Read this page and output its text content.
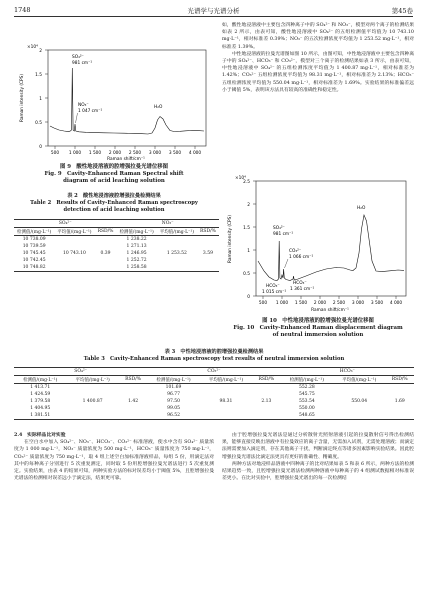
1748	光谱学与光谱分析	第45卷
×10⁴
0
0.5
1
1.5
2
500 1 000 1 500 2 000 2 500 3 000 3 500 4 000
Raman shift/cm⁻¹
Raman intensity (CPS)
SO₄²⁻
981 cm⁻¹
NO₃⁻
1 047 cm⁻¹
H₂O
图 9　酸性地浸溶液的腔增强拉曼光谱位移图
Fig. 9　Cavity-Enhanced Raman Spectral shift
diagram of acid leaching solution
表 2　酸性地浸溶液腔增强拉曼检测结果
Table 2　Results of Cavity-Enhanced Raman spectroscopy
detection of acid leaching solution
SO₄²⁻			NO₃⁻		
检测值/(mg·L⁻¹)	平均值/(mg·L⁻¹)	RSD/%	检测值/(mg·L⁻¹)	平均值/(mg·L⁻¹)	RSD/%
10 738.09			1 238.22		
10 739.59			1 271.13		
10 745.45	10 743.10	0.39	1 246.95	1 253.52	3.59
10 742.45			1 252.72		
10 748.82			1 258.58		

如，酸性地浸溶液中主要包含四种离子中的 SO₄²⁻ 和 NO₃⁻，模型对两个离子的检测结果如表 2 所示，由表可知，酸性地浸溶液中 SO₄²⁻ 的五组检测值平均值为 10 743.10 mg·L⁻¹，相对标准差 0.39%；NO₃⁻ 的五次检测浓度平均值为 1 253.52 mg·L⁻¹，相对标准差 1.39%。

中性地浸溶液的拉曼光谱图如图 10 所示，由图可知，中性地浸溶液中主要包含四种离子中的 SO₄²⁻、HCO₃⁻ 和 CO₃²⁻，模型对三个离子的检测结果如表 3 所示，由表可知，中性地浸溶液中 SO₄²⁻ 的五组检测浓度平均值为 1 400.87 mg·L⁻¹，相对标准差为 1.42%；CO₃²⁻ 五组检测浓度平均值为 98.31 mg·L⁻¹，相对标准差为 2.13%；HCO₃⁻ 五组检测浓度平均值为 550.04 mg·L⁻¹，相对标准差为 1.69%。实验结果的标准偏差远小于阈值 5%，表明该方法具有较高的准确性和稳定性。

×10⁴
0
0.5
1
1.5
2
2.5
500 1 000 1 500 2 000 2 500 3 000 3 500 4 000
Raman shift/cm⁻¹
Raman intensity (CPS)	SO₄²⁻
981 cm⁻¹
CO₃²⁻
1 066 cm⁻¹
HCO₃⁻
1 015 cm⁻¹
HCO₃⁻
1 361 cm⁻¹
H₂O
图 10　中性地浸溶液的腔增强拉曼光谱位移图
Fig. 10　Cavity-Enhanced Raman displacement diagram
of neutral immersion solution
表 3　中性地浸溶液的腔增强拉曼检测结果
Table 3　Cavity-Enhanced Raman spectroscopy test results of neutral immersion solution
SO₄²⁻			CO₃²⁻			HCO₃⁻		
检测值/(mg·L⁻¹)	平均值/(mg·L⁻¹)	RSD/%	检测值/(mg·L⁻¹)	平均值/(mg·L⁻¹)	RSD/%	检测值/(mg·L⁻¹)	平均值/(mg·L⁻¹)	RSD/%
1 413.71			101.69			552.28		
1 424.59			96.77			545.75		
1 379.58	1 400.87	1.42	97.50	98.31	2.13	553.54	550.04	1.69
1 404.95			99.05			550.00		
1 381.51			96.52			548.65		

2.4　实际样品比对实验

在空白水中加入 SO₄²⁻、NO₃⁻、HCO₃⁻、CO₃²⁻ 标准溶液，使水中含有 SO₄²⁻ 质量浓度为 1 000 mg·L⁻¹，NO₃⁻ 质量浓度为 500 mg·L⁻¹，HCO₃⁻ 质量浓度为 750 mg·L⁻¹，CO₃²⁻ 质量浓度为 750 mg·L⁻¹，取 4 组上述空白加标准溶液样品，每组 5 份，用滴定法对其中的每种离子分别进行 5 次重复测定，同时取 5 份用腔增强拉曼光谱法进行 5 次重复测定。实验结果，由表 4 的结果可知，两种实验方法的标对误差均小于阈值 5%，且腔增强拉曼光谱法的检测相对误差远小于滴定法，结果更可靠。

由于腔增强拉曼光谱法是通过分析散射光照射溶液引起的拉曼散射信号得出检测结果，能够直接反映出溶液中有拉曼效应的离子含量，无需加入试剂，无需处理溶液；而滴定法则需要加入滴定剂，存在其他离子干扰，判断滴定终点等诸多因素影响实验结果。因此腔增强拉曼光谱法比滴定法更具有更好的准确性、精确度。

两种方法对地浸样品溶液中四种离子的比对结果如表 5 和表 6 所示，两种方法的检测结果趋势一致，且腔增强拉曼光谱法检测两种溶液中每种离子的 4 组测试数据相对标准误差更小。在比对实验中，腔增强拉曼光谱出的每一次检测结
